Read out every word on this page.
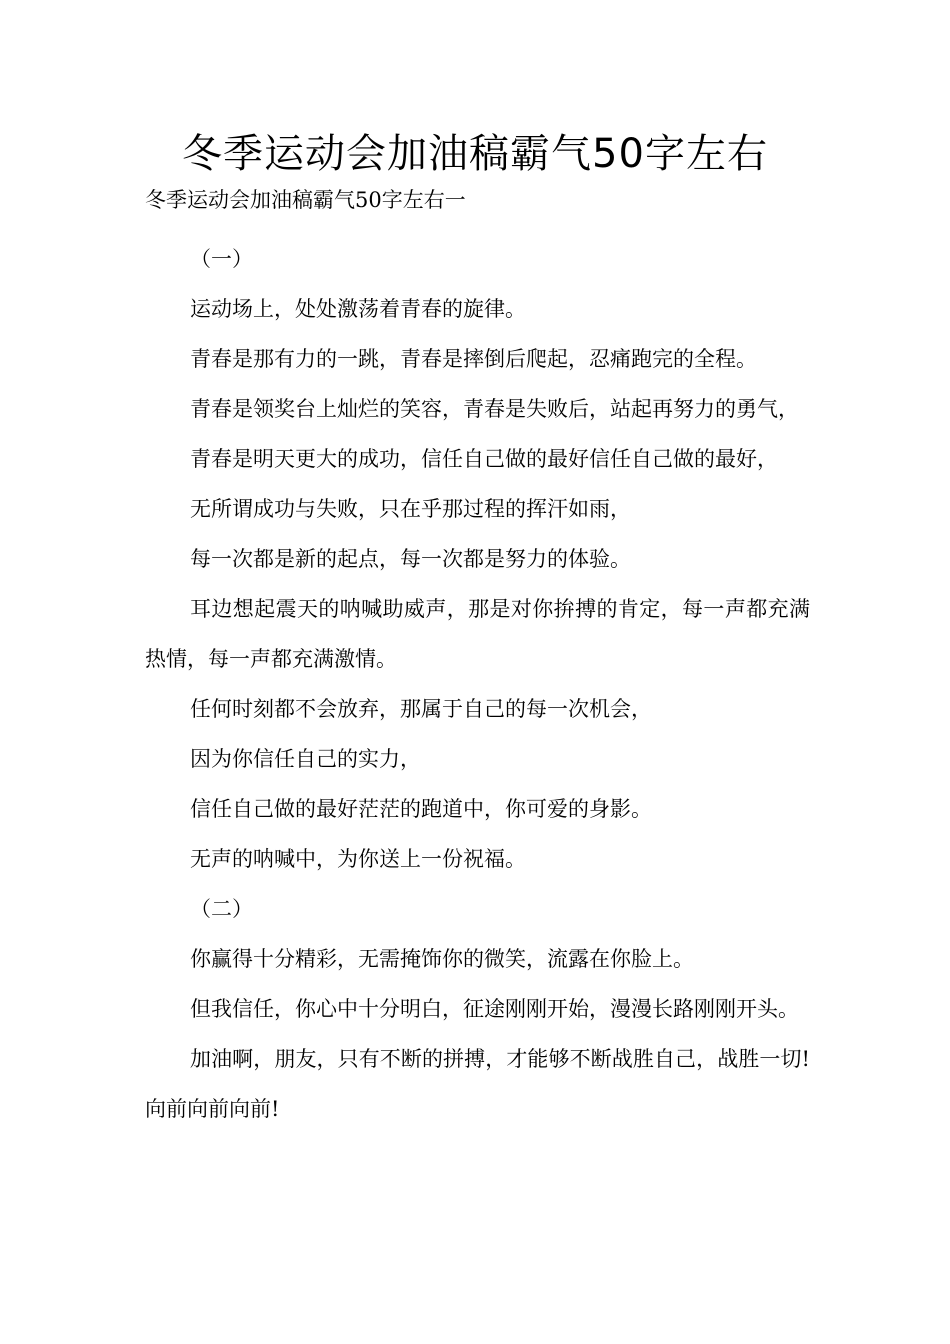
冬季运动会加油稿霸气50字左右

冬季运动会加油稿霸气50字左右一

（一）

运动场上，处处激荡着青春的旋律。

青春是那有力的一跳，青春是摔倒后爬起，忍痛跑完的全程。

青春是领奖台上灿烂的笑容，青春是失败后，站起再努力的勇气，

青春是明天更大的成功，信任自己做的最好信任自己做的最好，

无所谓成功与失败，只在乎那过程的挥汗如雨，

每一次都是新的起点，每一次都是努力的体验。

耳边想起震天的呐喊助威声，那是对你拚搏的肯定，每一声都充满热情，每一声都充满激情。

任何时刻都不会放弃，那属于自己的每一次机会，

因为你信任自己的实力，

信任自己做的最好茫茫的跑道中，你可爱的身影。

无声的呐喊中，为你送上一份祝福。

（二）

你赢得十分精彩，无需掩饰你的微笑，流露在你脸上。

但我信任，你心中十分明白，征途刚刚开始，漫漫长路刚刚开头。

加油啊，朋友，只有不断的拼搏，才能够不断战胜自己，战胜一切!向前向前向前!
